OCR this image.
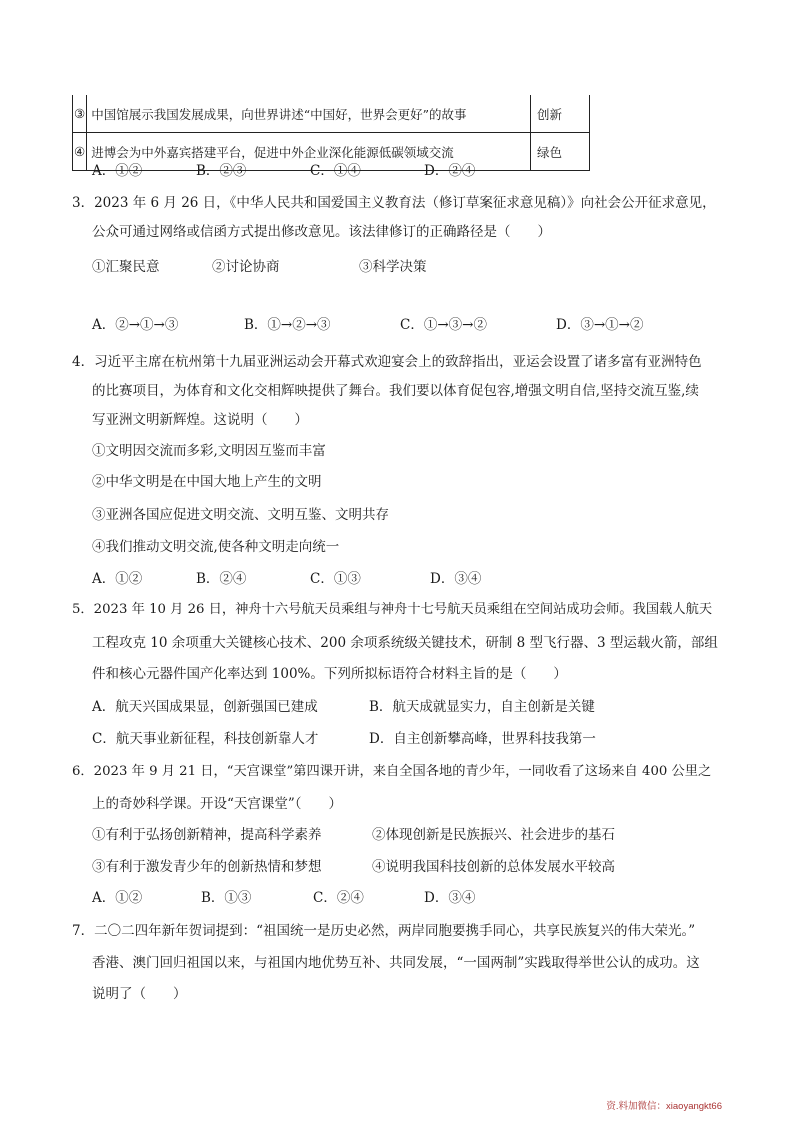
③	中国馆展示我国发展成果，向世界讲述“中国好，世界会更好”的故事	创新
④	进博会为中外嘉宾搭建平台，促进中外企业深化能源低碳领域交流	绿色
A．①②	B．②③	C．①④	D．②④
3．2023 年 6 月 26 日，《中华人民共和国爱国主义教育法（修订草案征求意见稿）》向社会公开征求意见，
公众可通过网络或信函方式提出修改意见。该法律修订的正确路径是（　　）
①汇聚民意	②讨论协商	③科学决策
A．②→①→③	B．①→②→③	C．①→③→②	D．③→①→②
4．习近平主席在杭州第十九届亚洲运动会开幕式欢迎宴会上的致辞指出，亚运会设置了诸多富有亚洲特色
的比赛项目，为体育和文化交相辉映提供了舞台。我们要以体育促包容,增强文明自信,坚持交流互鉴,续
写亚洲文明新辉煌。这说明（　　）
①文明因交流而多彩,文明因互鉴而丰富
②中华文明是在中国大地上产生的文明
③亚洲各国应促进文明交流、文明互鉴、文明共存
④我们推动文明交流,使各种文明走向统一
A．①②	B．②④	C．①③	D．③④
5．2023 年 10 月 26 日，神舟十六号航天员乘组与神舟十七号航天员乘组在空间站成功会师。我国载人航天
工程攻克 10 余项重大关键核心技术、200 余项系统级关键技术，研制 8 型飞行器、3 型运载火箭，部组
件和核心元器件国产化率达到 100%。下列所拟标语符合材料主旨的是（　　）
A．航天兴国成果显，创新强国已建成	B．航天成就显实力，自主创新是关键
C．航天事业新征程，科技创新靠人才	D．自主创新攀高峰，世界科技我第一
6．2023 年 9 月 21 日，“天宫课堂”第四课开讲，来自全国各地的青少年，一同收看了这场来自 400 公里之
上的奇妙科学课。开设“天宫课堂”（　　）
①有利于弘扬创新精神，提高科学素养	②体现创新是民族振兴、社会进步的基石
③有利于激发青少年的创新热情和梦想	④说明我国科技创新的总体发展水平较高
A．①②	B．①③	C．②④	D．③④
7．二〇二四年新年贺词提到：“祖国统一是历史必然，两岸同胞要携手同心，共享民族复兴的伟大荣光。”
香港、澳门回归祖国以来，与祖国内地优势互补、共同发展，“一国两制”实践取得举世公认的成功。这
说明了（　　）
资.料加微信：xiaoyangkt66
